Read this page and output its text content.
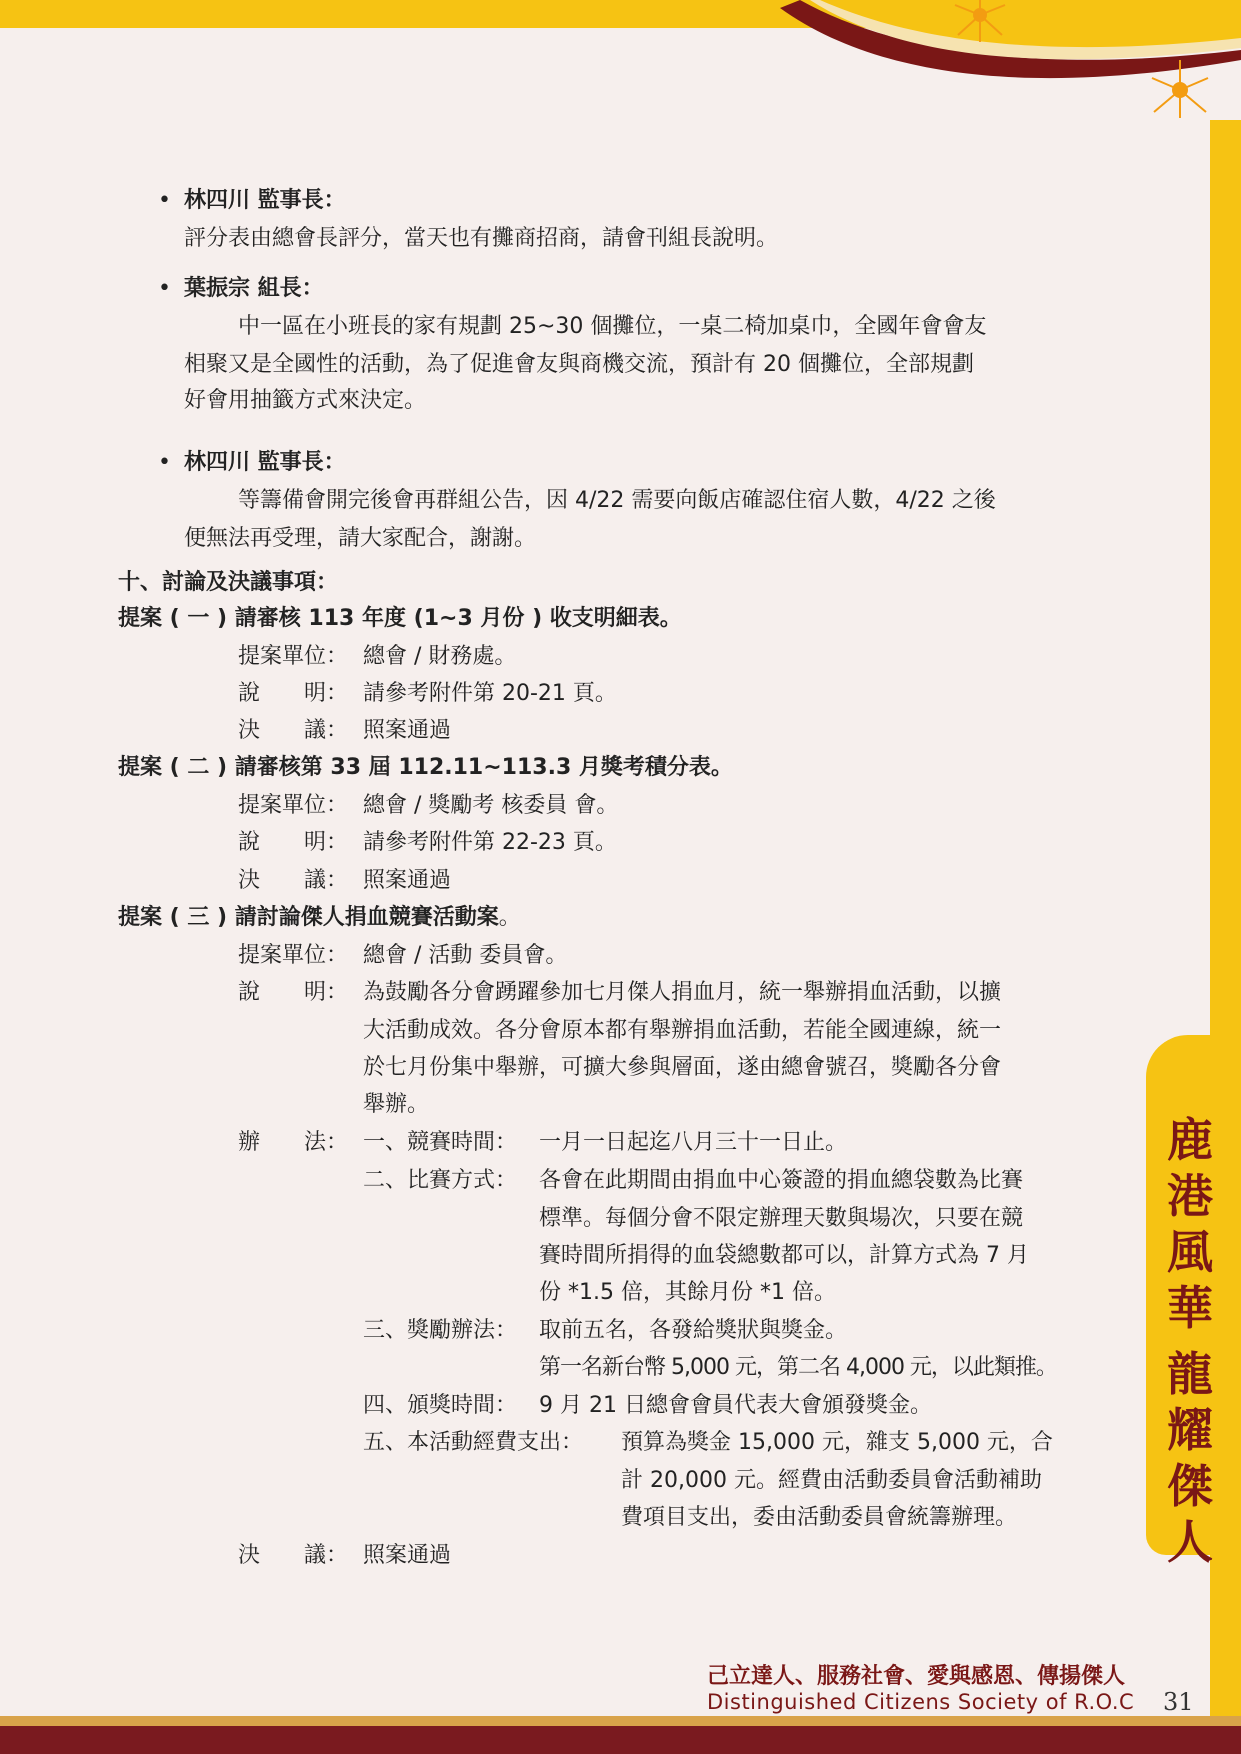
鹿
港
風
華
龍
耀
傑
人
• 林四川 監事長：
評分表由總會長評分，當天也有攤商招商，請會刊組長說明。
• 葉振宗 組長：
中一區在小班長的家有規劃 25~30 個攤位，一桌二椅加桌巾，全國年會會友
相聚又是全國性的活動，為了促進會友與商機交流，預計有 20 個攤位，全部規劃
好會用抽籤方式來決定。
• 林四川 監事長：
等籌備會開完後會再群組公告，因 4/22 需要向飯店確認住宿人數，4/22 之後
便無法再受理，請大家配合，謝謝。
十、討論及決議事項：
提案 ( 一 ) 請審核 113 年度 (1~3 月份 ) 收支明細表。
提案單位： 總會 / 財務處。
說　　明： 請參考附件第 20-21 頁。
決　　議： 照案通過
提案 ( 二 ) 請審核第 33 屆 112.11~113.3 月獎考積分表。
提案單位： 總會 / 獎勵考 核委員 會。
說　　明： 請參考附件第 22-23 頁。
決　　議： 照案通過
提案 ( 三 ) 請討論傑人捐血競賽活動案。
提案單位： 總會 / 活動 委員會。
說　　明： 為鼓勵各分會踴躍參加七月傑人捐血月，統一舉辦捐血活動，以擴
大活動成效。各分會原本都有舉辦捐血活動，若能全國連線，統一
於七月份集中舉辦，可擴大參與層面，遂由總會號召，獎勵各分會
舉辦。
辦　　法： 一、競賽時間： 一月一日起迄八月三十一日止。
二、比賽方式： 各會在此期間由捐血中心簽證的捐血總袋數為比賽
標準。每個分會不限定辦理天數與場次，只要在競
賽時間所捐得的血袋總數都可以，計算方式為 7 月
份 *1.5 倍，其餘月份 *1 倍。
三、獎勵辦法： 取前五名，各發給獎狀與獎金。
第一名新台幣 5,000 元，第二名 4,000 元，以此類推。
四、頒獎時間： 9 月 21 日總會會員代表大會頒發獎金。
五、本活動經費支出： 預算為獎金 15,000 元，雜支 5,000 元，合
計 20,000 元。經費由活動委員會活動補助
費項目支出，委由活動委員會統籌辦理。
決　　議： 照案通過
己立達人、服務社會、愛與感恩、傳揚傑人
Distinguished Citizens Society of R.O.C 31
